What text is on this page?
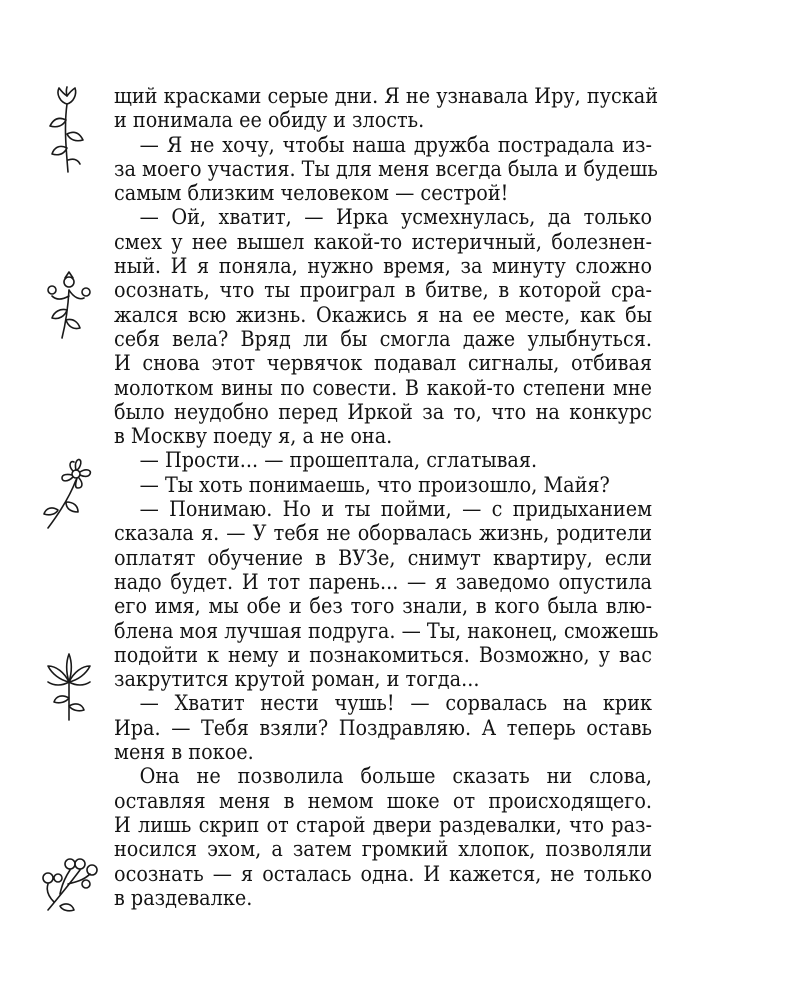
щий красками серые дни. Я не узнавала Иру, пускай
и понимала ее обиду и злость.
— Я не хочу, чтобы наша дружба пострадала из-
за моего участия. Ты для меня всегда была и будешь
самым близким человеком — сестрой!
— Ой, хватит, — Ирка усмехнулась, да только
смех у нее вышел какой-то истеричный, болезнен-
ный. И я поняла, нужно время, за минуту сложно
осознать, что ты проиграл в битве, в которой сра-
жался всю жизнь. Окажись я на ее месте, как бы
себя вела? Вряд ли бы смогла даже улыбнуться.
И снова этот червячок подавал сигналы, отбивая
молотком вины по совести. В какой-то степени мне
было неудобно перед Иркой за то, что на конкурс
в Москву поеду я, а не она.
— Прости... — прошептала, сглатывая.
— Ты хоть понимаешь, что произошло, Майя?
— Понимаю. Но и ты пойми, — с придыханием
сказала я. — У тебя не оборвалась жизнь, родители
оплатят обучение в ВУЗе, снимут квартиру, если
надо будет. И тот парень... — я заведомо опустила
его имя, мы обе и без того знали, в кого была влю-
блена моя лучшая подруга. — Ты, наконец, сможешь
подойти к нему и познакомиться. Возможно, у вас
закрутится крутой роман, и тогда...
— Хватит нести чушь! — сорвалась на крик
Ира. — Тебя взяли? Поздравляю. А теперь оставь
меня в покое.
Она не позволила больше сказать ни слова,
оставляя меня в немом шоке от происходящего.
И лишь скрип от старой двери раздевалки, что раз-
носился эхом, а затем громкий хлопок, позволяли
осознать — я осталась одна. И кажется, не только
в раздевалке.
